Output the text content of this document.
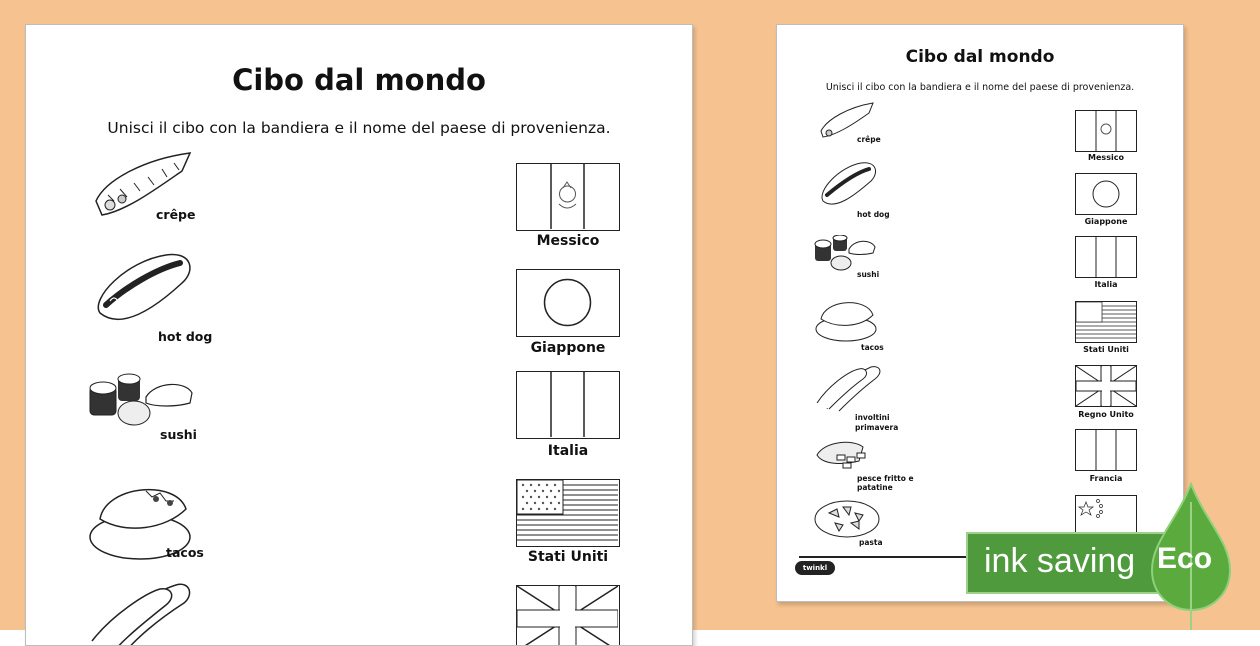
Cibo dal mondo
Unisci il cibo con la bandiera e il nome del paese di provenienza.
crêpe
hot dog
sushi
tacos
Messico
Giappone
Italia
Stati Uniti
Cibo dal mondo
Unisci il cibo con la bandiera e il nome del paese di provenienza.
crêpe
hot dog
sushi
tacos
involtini primavera
pesce fritto e patatine
pasta
Messico
Giappone
Italia
Stati Uniti
Regno Unito
Francia
twinkl	ink saving Eco
